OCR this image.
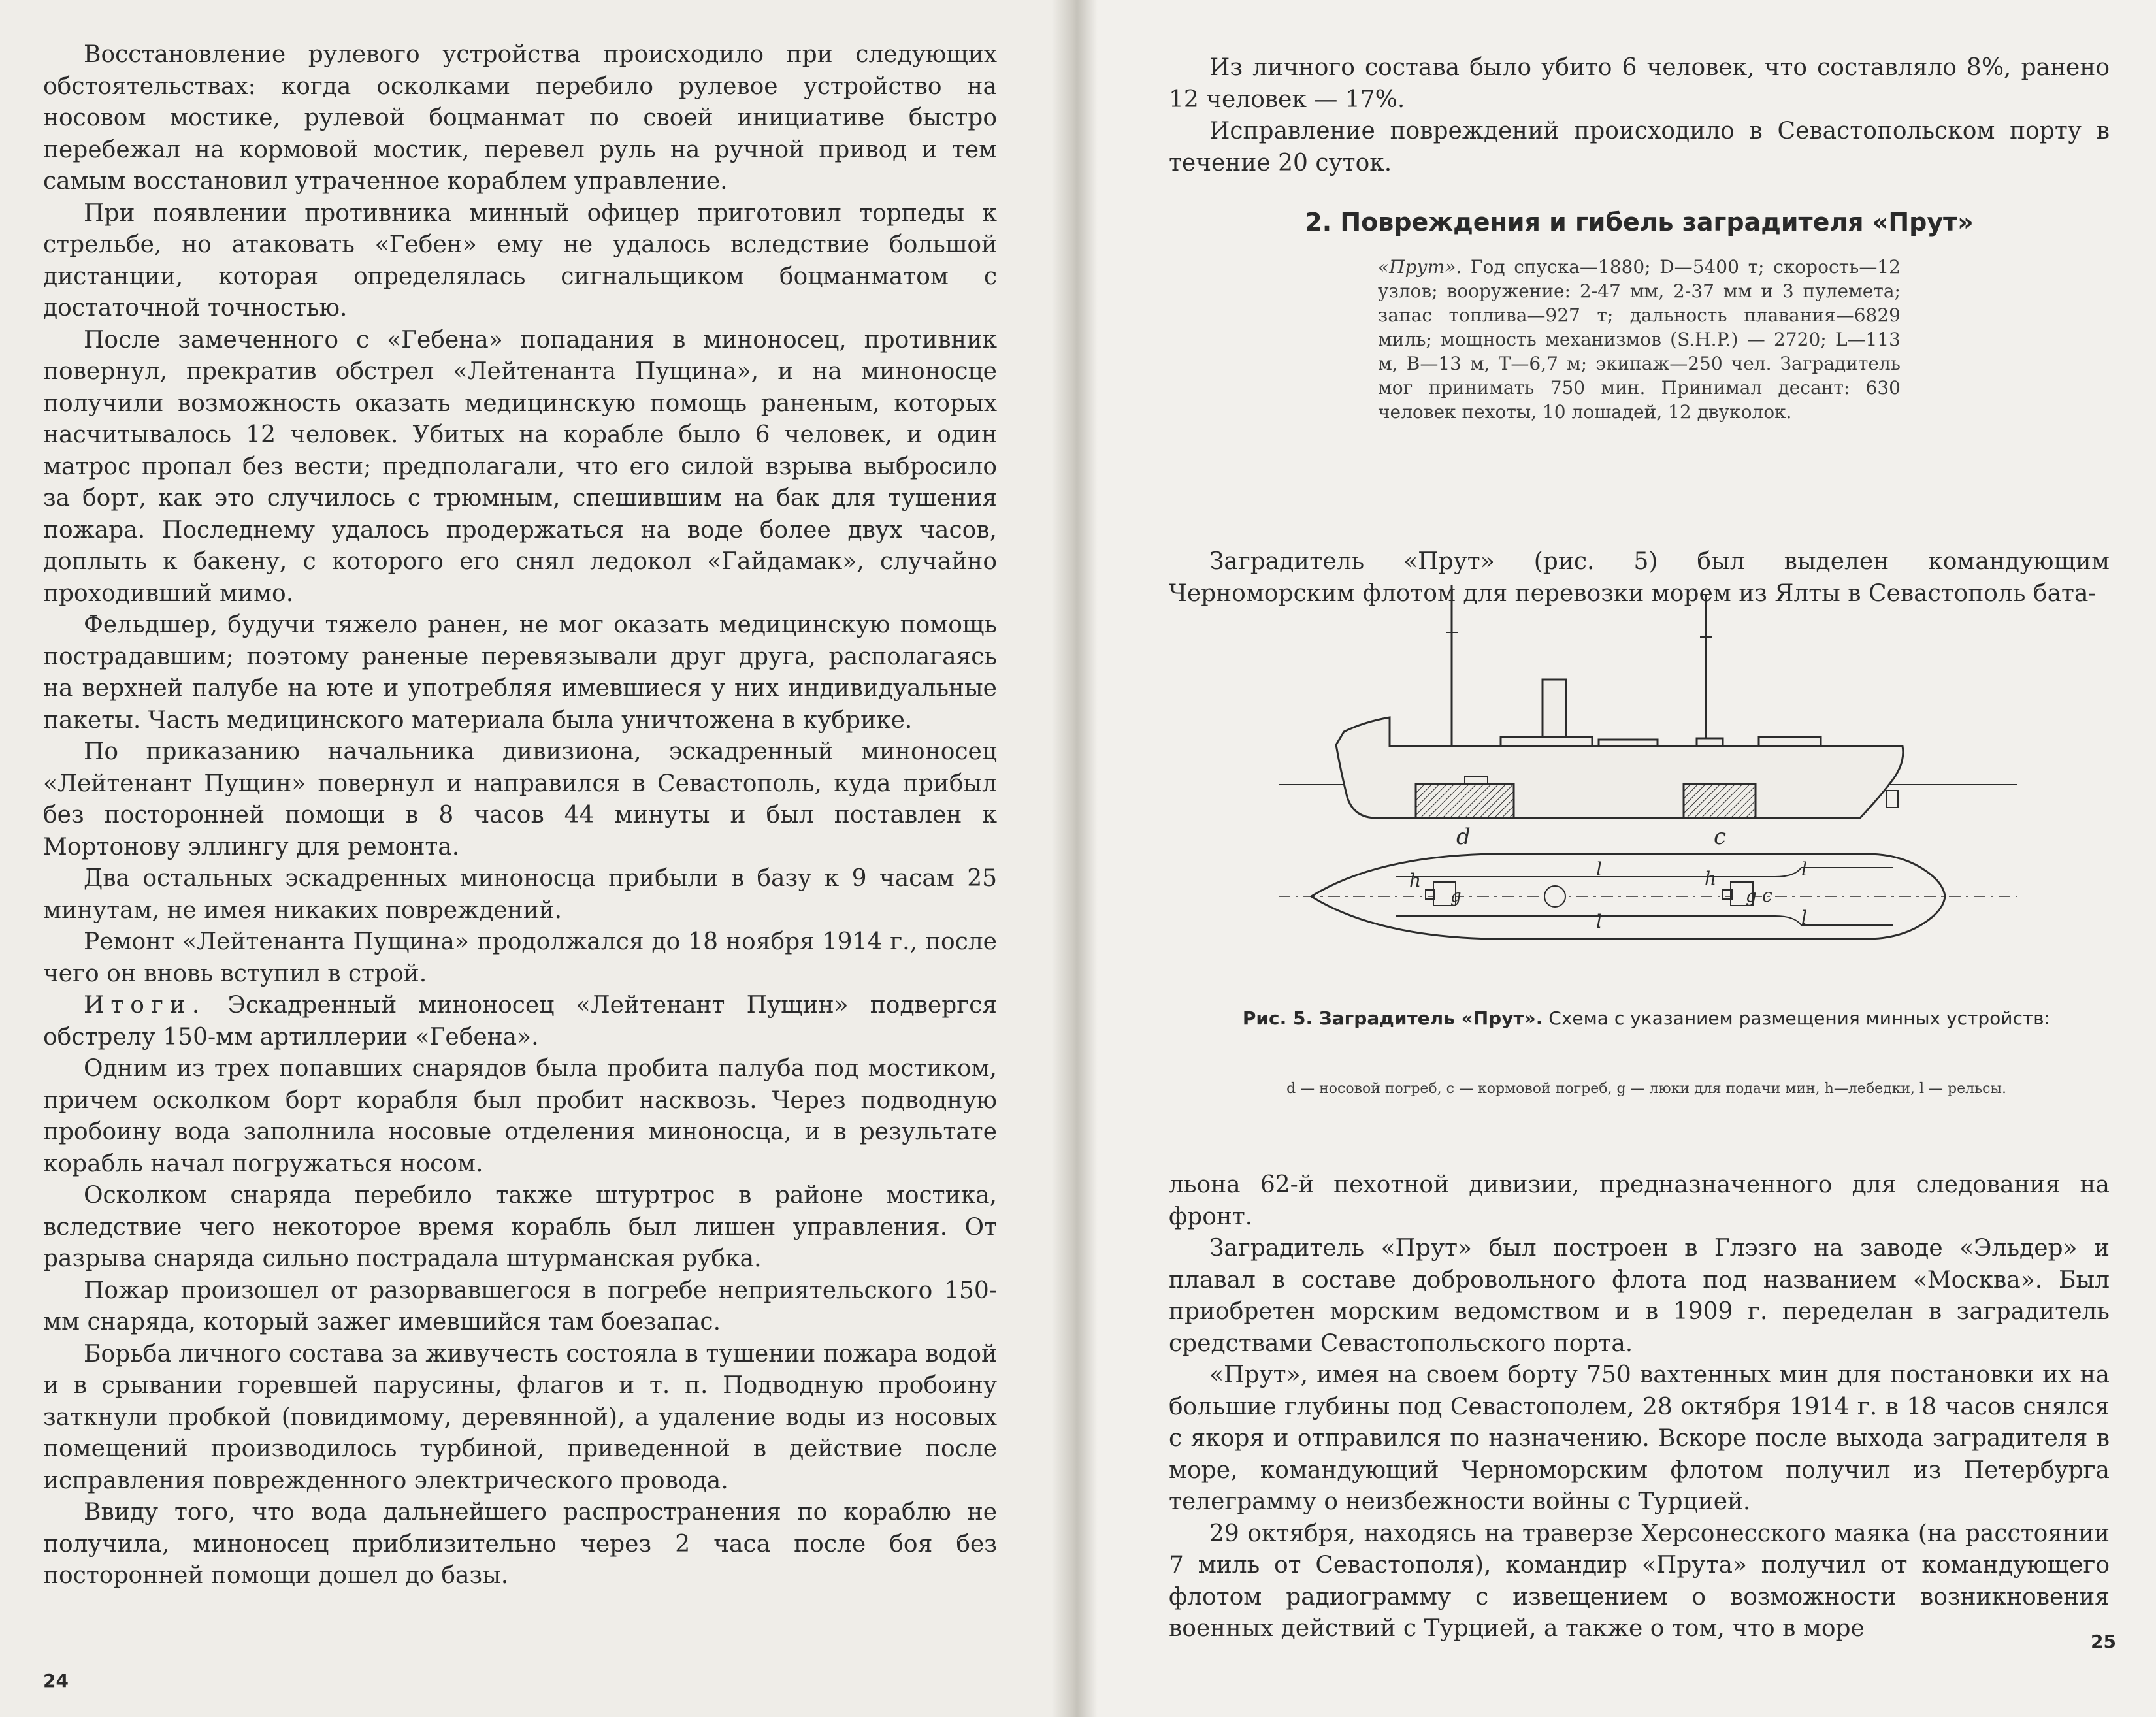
Восстановление рулевого устройства происходило при следующих обстоятельствах: когда осколками перебило рулевое устройство на носовом мостике, рулевой боцманмат по своей инициативе быстро перебежал на кормовой мостик, перевел руль на ручной привод и тем самым восстановил утраченное кораблем управление.

При появлении противника минный офицер приготовил торпеды к стрельбе, но атаковать «Гебен» ему не удалось вследствие большой дистанции, которая определялась сигнальщиком боцманматом с достаточной точностью.

После замеченного с «Гебена» попадания в миноносец, противник повернул, прекратив обстрел «Лейтенанта Пущина», и на миноносце получили возможность оказать медицинскую помощь раненым, которых насчитывалось 12 человек. Убитых на корабле было 6 человек, и один матрос пропал без вести; предполагали, что его силой взрыва выбросило за борт, как это случилось с трюмным, спешившим на бак для тушения пожара. Последнему удалось продержаться на воде более двух часов, доплыть к бакену, с которого его снял ледокол «Гайдамак», случайно проходивший мимо.

Фельдшер, будучи тяжело ранен, не мог оказать медицинскую помощь пострадавшим; поэтому раненые перевязывали друг друга, располагаясь на верхней палубе на юте и употребляя имевшиеся у них индивидуальные пакеты. Часть медицинского материала была уничтожена в кубрике.

По приказанию начальника дивизиона, эскадренный миноносец «Лейтенант Пущин» повернул и направился в Севастополь, куда прибыл без посторонней помощи в 8 часов 44 минуты и был поставлен к Мортонову эллингу для ремонта.

Два остальных эскадренных миноносца прибыли в базу к 9 часам 25 минутам, не имея никаких повреждений.

Ремонт «Лейтенанта Пущина» продолжался до 18 ноября 1914 г., после чего он вновь вступил в строй.

Итоги. Эскадренный миноносец «Лейтенант Пущин» подвергся обстрелу 150-мм артиллерии «Гебена».

Одним из трех попавших снарядов была пробита палуба под мостиком, причем осколком борт корабля был пробит насквозь. Через подводную пробоину вода заполнила носовые отделения миноносца, и в результате корабль начал погружаться носом.

Осколком снаряда перебило также штуртрос в районе мостика, вследствие чего некоторое время корабль был лишен управления. От разрыва снаряда сильно пострадала штурманская рубка.

Пожар произошел от разорвавшегося в погребе неприятельского 150-мм снаряда, который зажег имевшийся там боезапас.

Борьба личного состава за живучесть состояла в тушении пожара водой и в срывании горевшей парусины, флагов и т. п. Подводную пробоину заткнули пробкой (повидимому, деревянной), а удаление воды из носовых помещений производилось турбиной, приведенной в действие после исправления поврежденного электрического провода.

Ввиду того, что вода дальнейшего распространения по кораблю не получила, миноносец приблизительно через 2 часа после боя без посторонней помощи дошел до базы.

24

Из личного состава было убито 6 человек, что составляло 8%, ранено 12 человек — 17%.

Исправление повреждений происходило в Севастопольском порту в течение 20 суток.

2. Повреждения и гибель заградителя «Прут»
«Прут». Год спуска—1880; D—5400 т; скорость—12 узлов; вооружение: 2-47 мм, 2-37 мм и 3 пулемета; запас топлива—927 т; дальность плавания—6829 миль; мощность механизмов (S.H.P.) — 2720; L—113 м, B—13 м, T—6,7 м; экипаж—250 чел. Заградитель мог принимать 750 мин. Принимал десант: 630 человек пехоты, 10 лошадей, 12 двуколок.

Заградитель «Прут» (рис. 5) был выделен командующим Черноморским флотом для перевозки морем из Ялты в Севастополь бата-

льона 62-й пехотной дивизии, предназначенного для следования на фронт.

Заградитель «Прут» был построен в Глэзго на заводе «Эльдер» и плавал в составе добровольного флота под названием «Москва». Был приобретен морским ведомством и в 1909 г. переделан в заградитель средствами Севастопольского порта.

«Прут», имея на своем борту 750 вахтенных мин для постановки их на большие глубины под Севастополем, 28 октября 1914 г. в 18 часов снялся с якоря и отправился по назначению. Вскоре после выхода заградителя в море, командующий Черноморским флотом получил из Петербурга телеграмму о неизбежности войны с Турцией.

29 октября, находясь на траверзе Херсонесского маяка (на расстоянии 7 миль от Севастополя), командир «Прута» получил от командующего флотом радиограмму с извещением о возможности возникновения военных действий с Турцией, а также о том, что в море

d	c
g	g
h	h
c
l
l
l
l
Рис. 5. Заградитель «Прут». Схема с указанием размещения минных устройств:
d — носовой погреб, c — кормовой погреб, g — люки для подачи мин, h—лебедки, l — рельсы.
25
